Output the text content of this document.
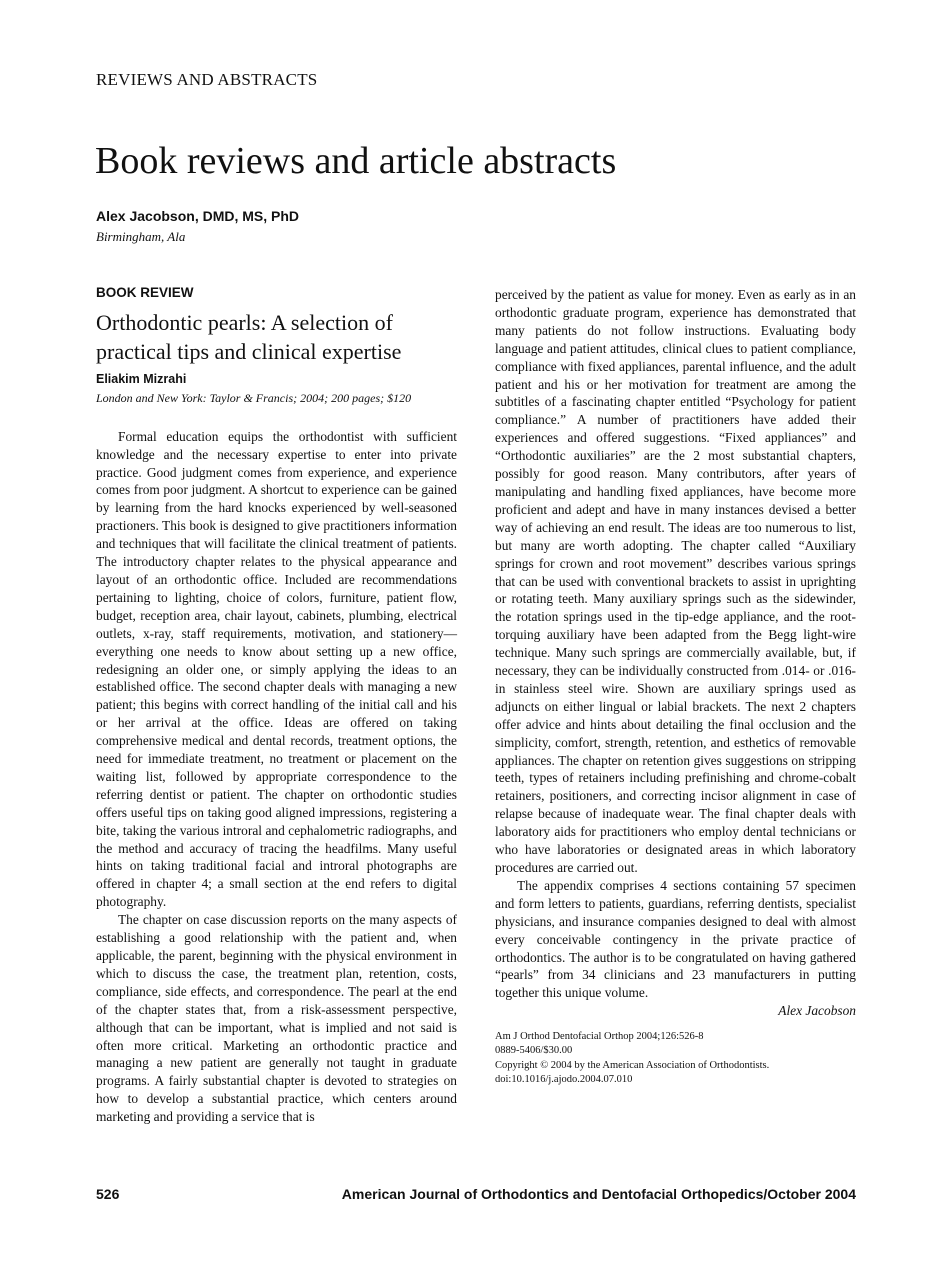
REVIEWS AND ABSTRACTS
Book reviews and article abstracts
Alex Jacobson, DMD, MS, PhD
Birmingham, Ala
BOOK REVIEW
Orthodontic pearls: A selection of practical tips and clinical expertise
Eliakim Mizrahi
London and New York: Taylor & Francis; 2004; 200 pages; $120

Formal education equips the orthodontist with sufficient knowledge and the necessary expertise to enter into private practice. Good judgment comes from experience, and experience comes from poor judgment. A shortcut to experience can be gained by learning from the hard knocks experienced by well-seasoned practioners. This book is designed to give practitioners information and techniques that will facilitate the clinical treatment of patients. The introductory chapter relates to the physical appearance and layout of an orthodontic office. Included are recommendations pertaining to lighting, choice of colors, furniture, patient flow, budget, reception area, chair layout, cabinets, plumbing, electrical outlets, x-ray, staff requirements, motivation, and stationery—everything one needs to know about setting up a new office, redesigning an older one, or simply applying the ideas to an established office. The second chapter deals with managing a new patient; this begins with correct handling of the initial call and his or her arrival at the office. Ideas are offered on taking comprehensive medical and dental records, treatment options, the need for immediate treatment, no treatment or placement on the waiting list, followed by appropriate correspondence to the referring dentist or patient. The chapter on orthodontic studies offers useful tips on taking good aligned impressions, registering a bite, taking the various introral and cephalometric radiographs, and the method and accuracy of tracing the headfilms. Many useful hints on taking traditional facial and introral photographs are offered in chapter 4; a small section at the end refers to digital photography.

The chapter on case discussion reports on the many aspects of establishing a good relationship with the patient and, when applicable, the parent, beginning with the physical environment in which to discuss the case, the treatment plan, retention, costs, compliance, side effects, and correspondence. The pearl at the end of the chapter states that, from a risk-assessment perspective, although that can be important, what is implied and not said is often more critical. Marketing an orthodontic practice and managing a new patient are generally not taught in graduate programs. A fairly substantial chapter is devoted to strategies on how to develop a substantial practice, which centers around marketing and providing a service that is

perceived by the patient as value for money. Even as early as in an orthodontic graduate program, experience has demonstrated that many patients do not follow instructions. Evaluating body language and patient attitudes, clinical clues to patient compliance, compliance with fixed appliances, parental influence, and the adult patient and his or her motivation for treatment are among the subtitles of a fascinating chapter entitled “Psychology for patient compliance.” A number of practitioners have added their experiences and offered suggestions. “Fixed appliances” and “Orthodontic auxiliaries” are the 2 most substantial chapters, possibly for good reason. Many contributors, after years of manipulating and handling fixed appliances, have become more proficient and adept and have in many instances devised a better way of achieving an end result. The ideas are too numerous to list, but many are worth adopting. The chapter called “Auxiliary springs for crown and root movement” describes various springs that can be used with conventional brackets to assist in uprighting or rotating teeth. Many auxiliary springs such as the sidewinder, the rotation springs used in the tip-edge appliance, and the root-torquing auxiliary have been adapted from the Begg light-wire technique. Many such springs are commercially available, but, if necessary, they can be individually constructed from .014- or .016-in stainless steel wire. Shown are auxiliary springs used as adjuncts on either lingual or labial brackets. The next 2 chapters offer advice and hints about detailing the final occlusion and the simplicity, comfort, strength, retention, and esthetics of removable appliances. The chapter on retention gives suggestions on stripping teeth, types of retainers including prefinishing and chrome-cobalt retainers, positioners, and correcting incisor alignment in case of relapse because of inadequate wear. The final chapter deals with laboratory aids for practitioners who employ dental technicians or who have laboratories or designated areas in which laboratory procedures are carried out.

The appendix comprises 4 sections containing 57 specimen and form letters to patients, guardians, referring dentists, specialist physicians, and insurance companies designed to deal with almost every conceivable contingency in the private practice of orthodontics. The author is to be congratulated on having gathered “pearls” from 34 clinicians and 23 manufacturers in putting together this unique volume.

Alex Jacobson
Am J Orthod Dentofacial Orthop 2004;126:526-8
0889-5406/$30.00
Copyright © 2004 by the American Association of Orthodontists.
doi:10.1016/j.ajodo.2004.07.010
526	American Journal of Orthodontics and Dentofacial Orthopedics/October 2004
